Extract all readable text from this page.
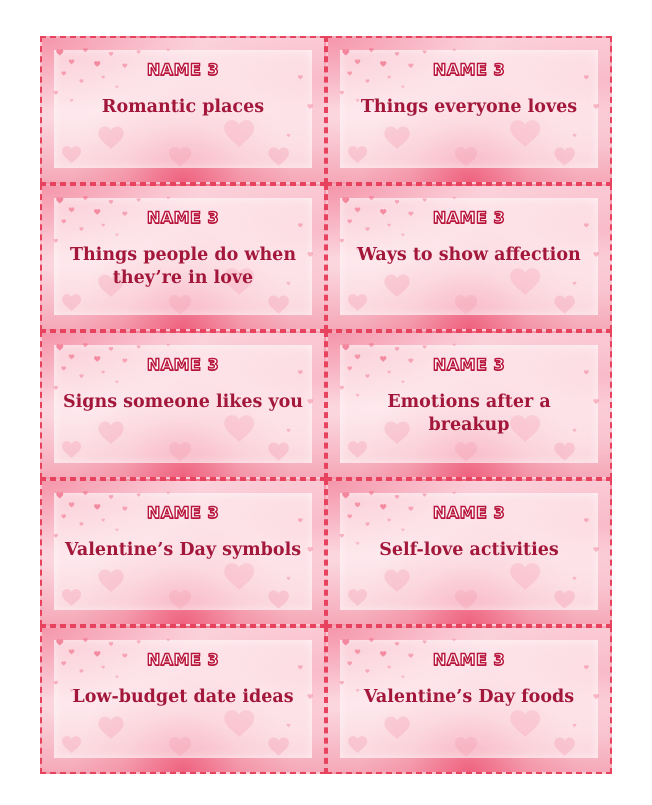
NAME 3
Romantic places
NAME 3
Things everyone loves
NAME 3
Things people do when they’re in love
NAME 3
Ways to show affection
NAME 3
Signs someone likes you
NAME 3
Emotions after a breakup
NAME 3
Valentine’s Day symbols
NAME 3
Self-love activities
NAME 3
Low-budget date ideas
NAME 3
Valentine’s Day foods
